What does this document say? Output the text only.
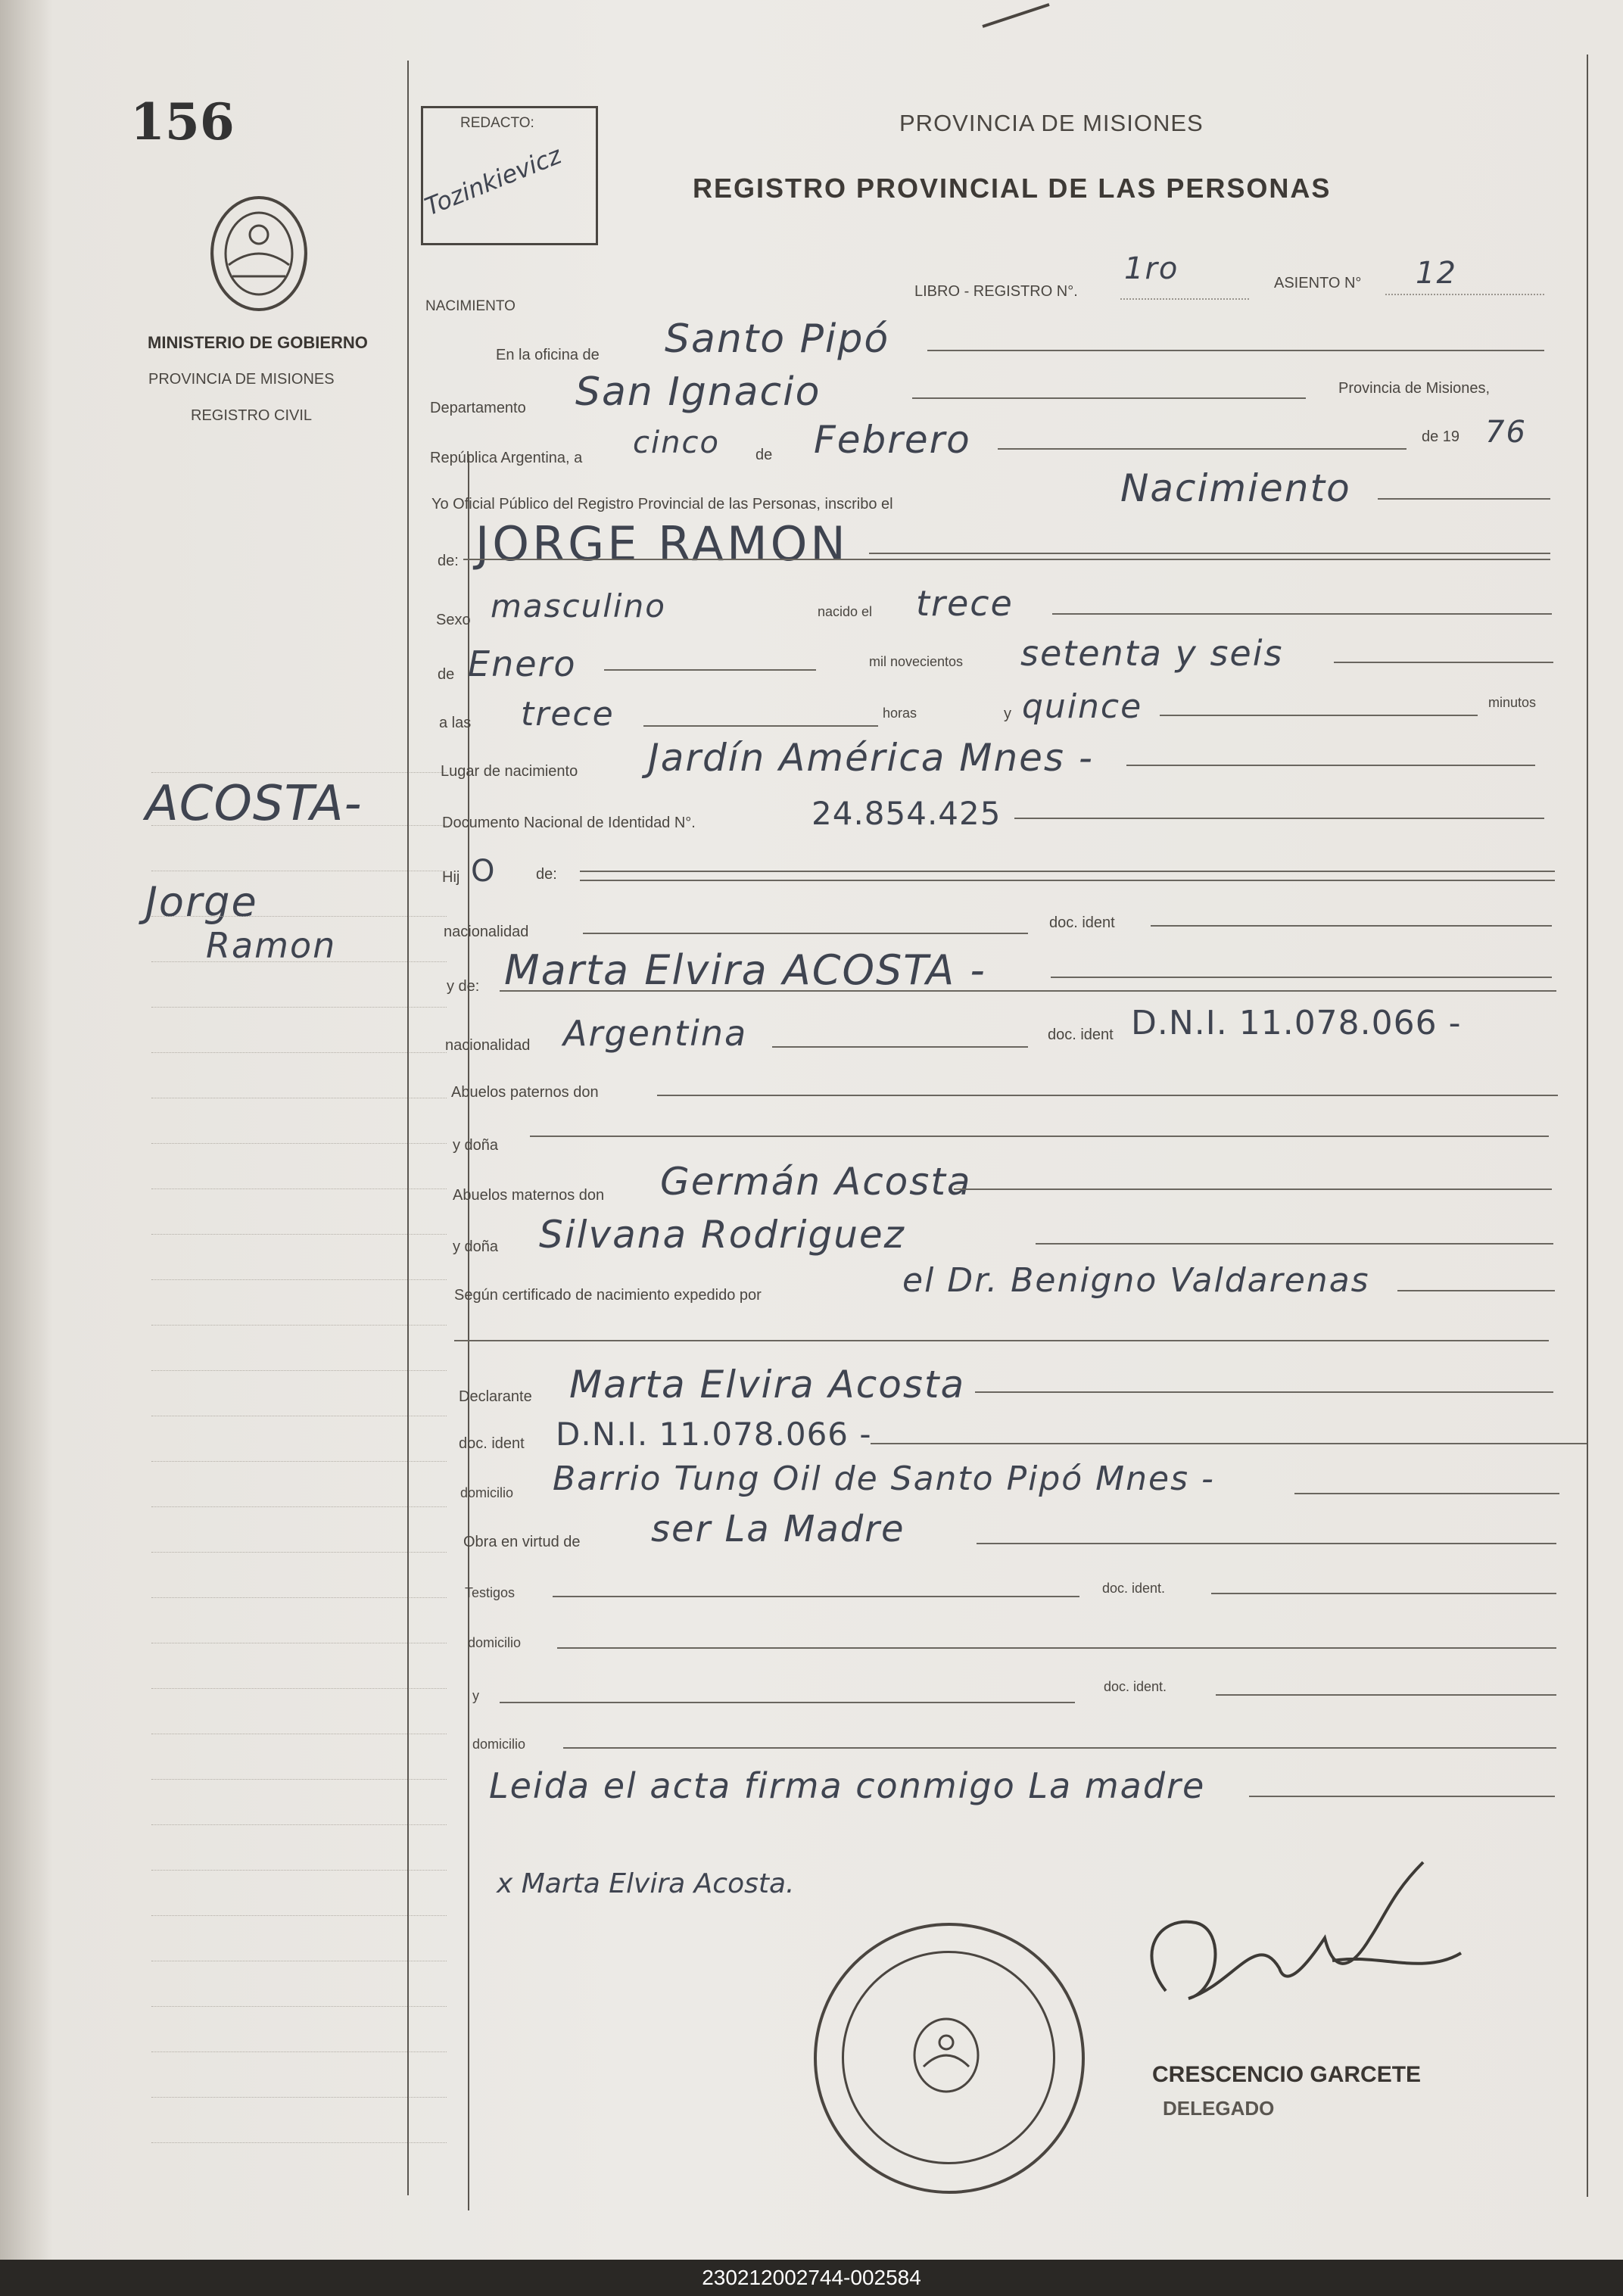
156
MINISTERIO DE GOBIERNO
PROVINCIA DE MISIONES
REGISTRO CIVIL
ACOSTA-
Jorge
Ramon
REDACTO:
Tozinkievicz
PROVINCIA DE MISIONES
REGISTRO PROVINCIAL DE LAS PERSONAS
NACIMIENTO
LIBRO - REGISTRO N°.
1ro	ASIENTO N° 12
En la oficina de Santo Pipó
Departamento San Ignacio	Provincia de Misiones,
República Argentina, a cinco de Febrero	de 19 76
Yo Oficial Público del Registro Provincial de las Personas, inscribo el	Nacimiento
de: JORGE RAMON
Sexo masculino	nacido el trece
de Enero	mil novecientos setenta y seis
a las trece	horas	y quince	minutos
Lugar de nacimiento Jardín América Mnes -
Documento Nacional de Identidad N°.	24.854.425
Hij O	de:
nacionalidad
doc. ident
y de: Marta Elvira ACOSTA -
nacionalidad Argentina	doc. ident D.N.I. 11.078.066 -
Abuelos paternos don
y doña
Abuelos maternos don Germán Acosta
y doña Silvana Rodriguez
Según certificado de nacimiento expedido por	el Dr. Benigno Valdarenas
Declarante Marta Elvira Acosta
doc. ident D.N.I. 11.078.066 -
domicilio Barrio Tung Oil de Santo Pipó Mnes -
Obra en virtud de ser La Madre
Testigos	doc. ident.
domicilio
y
doc. ident.
domicilio
Leida el acta firma conmigo La madre
x Marta Elvira Acosta.
CRESCENCIO GARCETE
DELEGADO
230212002744-002584
